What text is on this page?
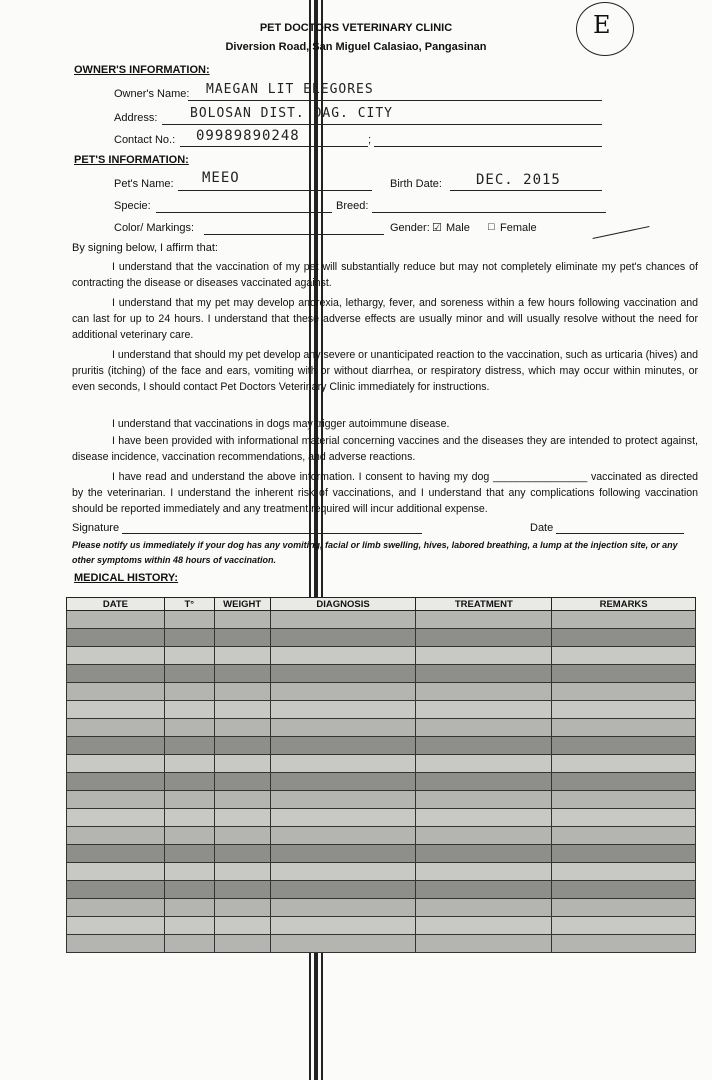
E
PET DOCTORS VETERINARY CLINIC
Diversion Road, San Miguel Calasiao, Pangasinan
OWNER'S INFORMATION:
Owner's Name: MAEGAN LIT ELEGORES
Address:	BOLOSAN DIST. DAG. CITY
Contact No.: 09989890248	;
PET'S INFORMATION:
Pet's Name: MEEO	Birth Date: DEC. 2015
Specie:	Breed:
Color/ Markings:	Gender: ☑ Male □ Female
By signing below, I affirm that:
I understand that the vaccination of my pet will substantially reduce but may not completely eliminate my pet's chances of contracting the disease or diseases vaccinated against.
I understand that my pet may develop anorexia, lethargy, fever, and soreness within a few hours following vaccination and can last for up to 24 hours. I understand that these adverse effects are usually minor and will usually resolve without the need for additional veterinary care.
I understand that should my pet develop any severe or unanticipated reaction to the vaccination, such as urticaria (hives) and pruritis (itching) of the face and ears, vomiting with or without diarrhea, or respiratory distress, which may occur within minutes, or even seconds, I should contact Pet Doctors Veterinary Clinic immediately for instructions.
I understand that vaccinations in dogs may trigger autoimmune disease.
I have been provided with informational material concerning vaccines and the diseases they are intended to protect against, disease incidence, vaccination recommendations, and adverse reactions.
I have read and understand the above information. I consent to having my dog ________________ vaccinated as directed by the veterinarian. I understand the inherent risk of vaccinations, and I understand that any complications following vaccination should be reported immediately and any treatment required will incur additional expense.
Signature	Date
Please notify us immediately if your dog has any vomiting, facial or limb swelling, hives, labored breathing, a lump at the injection site, or any other symptoms within 48 hours of vaccination.
MEDICAL HISTORY:
DATE	T°	WEIGHT	DIAGNOSIS	TREATMENT	REMARKS
